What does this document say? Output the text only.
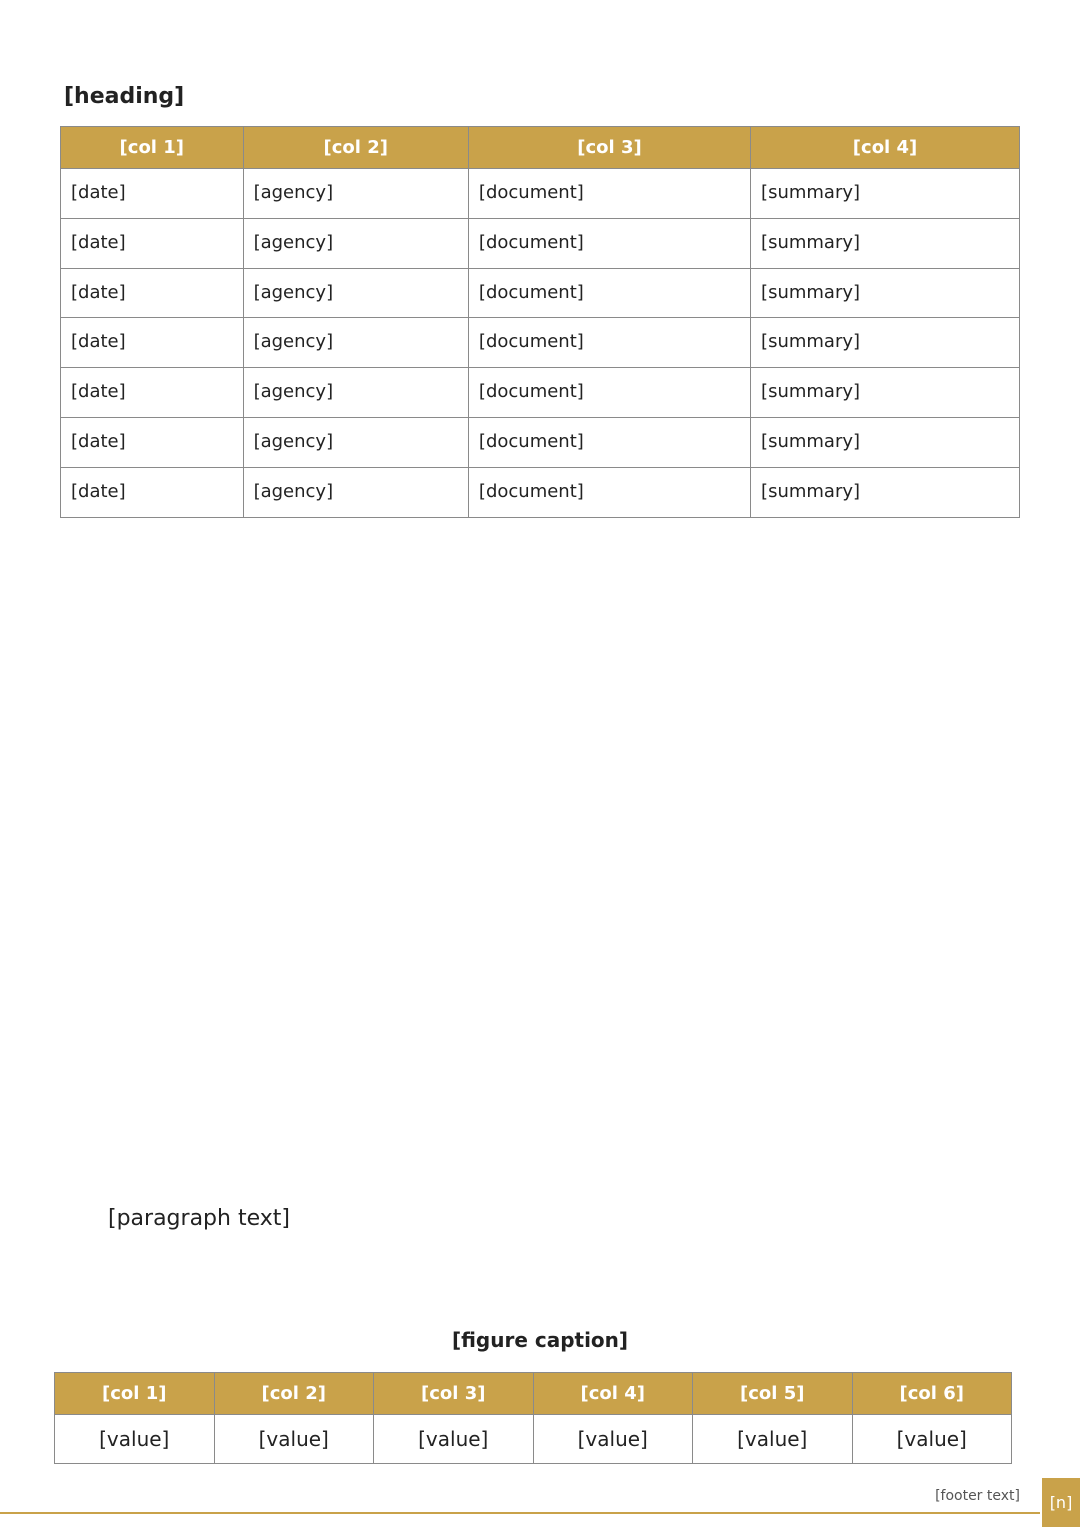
[heading]
[col 1]	[col 2]	[col 3]	[col 4]
[date]	[agency]	[document]	[summary]
[date]	[agency]	[document]	[summary]
[date]	[agency]	[document]	[summary]
[date]	[agency]	[document]	[summary]
[date]	[agency]	[document]	[summary]
[date]	[agency]	[document]	[summary]
[date]	[agency]	[document]	[summary]

[paragraph text]

[figure caption]
[col 1]	[col 2]	[col 3]	[col 4]	[col 5]	[col 6]
[value]	[value]	[value]	[value]	[value]	[value]
[footer text]	[n]
